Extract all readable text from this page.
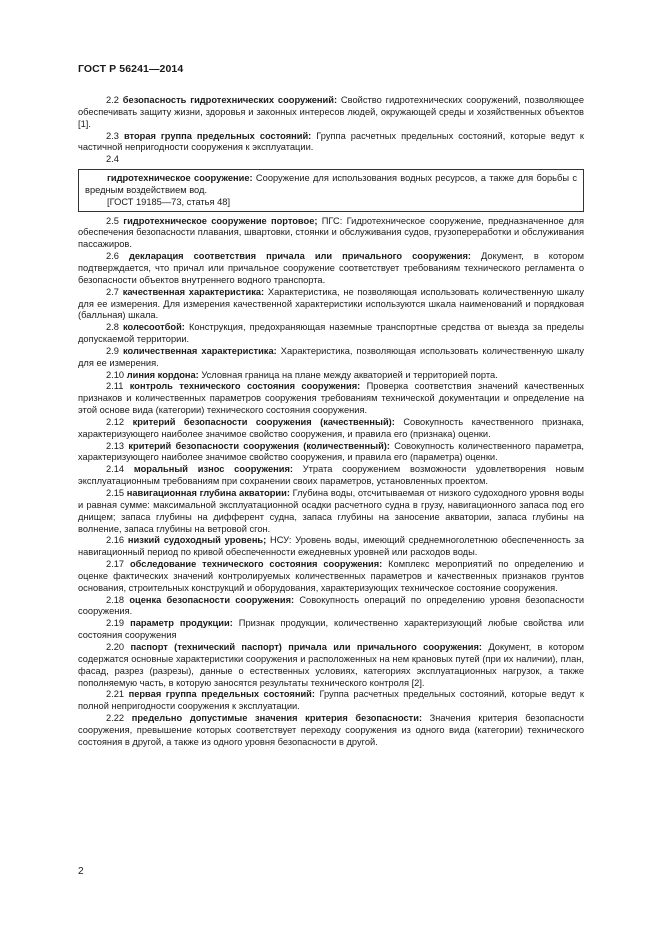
ГОСТ Р 56241—2014

2.2 безопасность гидротехнических сооружений: Свойство гидротехнических сооружений, позволяющее обеспечивать защиту жизни, здоровья и законных интересов людей, окружающей среды и хозяйственных объектов [1].

2.3 вторая группа предельных состояний: Группа расчетных предельных состояний, которые ведут к частичной непригодности сооружения к эксплуатации.

2.4

гидротехническое сооружение: Сооружение для использования водных ресурсов, а также для борьбы с вредным воздействием вод.

[ГОСТ 19185—73, статья 48]

2.5 гидротехническое сооружение портовое; ПГС: Гидротехническое сооружение, предназначенное для обеспечения безопасности плавания, швартовки, стоянки и обслуживания судов, грузопереработки и обслуживания пассажиров.

2.6 декларация соответствия причала или причального сооружения: Документ, в котором подтверждается, что причал или причальное сооружение соответствует требованиям технического регламента о безопасности объектов внутреннего водного транспорта.

2.7 качественная характеристика: Характеристика, не позволяющая использовать количественную шкалу для ее измерения. Для измерения качественной характеристики используются шкала наименований и порядковая (балльная) шкала.

2.8 колесоотбой: Конструкция, предохраняющая наземные транспортные средства от выезда за пределы допускаемой территории.

2.9 количественная характеристика: Характеристика, позволяющая использовать количественную шкалу для ее измерения.

2.10 линия кордона: Условная граница на плане между акваторией и территорией порта.

2.11 контроль технического состояния сооружения: Проверка соответствия значений качественных признаков и количественных параметров сооружения требованиям технической документации и определение на этой основе вида (категории) технического состояния сооружения.

2.12 критерий безопасности сооружения (качественный): Совокупность качественного признака, характеризующего наиболее значимое свойство сооружения, и правила его (признака) оценки.

2.13 критерий безопасности сооружения (количественный): Совокупность количественного параметра, характеризующего наиболее значимое свойство сооружения, и правила его (параметра) оценки.

2.14 моральный износ сооружения: Утрата сооружением возможности удовлетворения новым эксплуатационным требованиям при сохранении своих параметров, установленных проектом.

2.15 навигационная глубина акватории: Глубина воды, отсчитываемая от низкого судоходного уровня воды и равная сумме: максимальной эксплуатационной осадки расчетного судна в грузу, навигационного запаса под его днищем; запаса глубины на дифферент судна, запаса глубины на заносение акватории, запаса глубины на волнение, запаса глубины на ветровой сгон.

2.16 низкий судоходный уровень; НСУ: Уровень воды, имеющий среднемноголетнюю обеспеченность за навигационный период по кривой обеспеченности ежедневных уровней или расходов воды.

2.17 обследование технического состояния сооружения: Комплекс мероприятий по определению и оценке фактических значений контролируемых количественных параметров и качественных признаков грунтов основания, строительных конструкций и оборудования, характеризующих техническое состояние сооружения.

2.18 оценка безопасности сооружения: Совокупность операций по определению уровня безопасности сооружения.

2.19 параметр продукции: Признак продукции, количественно характеризующий любые свойства или состояния сооружения

2.20 паспорт (технический паспорт) причала или причального сооружения: Документ, в котором содержатся основные характеристики сооружения и расположенных на нем крановых путей (при их наличии), план, фасад, разрез (разрезы), данные о естественных условиях, категориях эксплуатационных нагрузок, а также пополняемую часть, в которую заносятся результаты технического контроля [2].

2.21 первая группа предельных состояний: Группа расчетных предельных состояний, которые ведут к полной непригодности сооружения к эксплуатации.

2.22 предельно допустимые значения критерия безопасности: Значения критерия безопасности сооружения, превышение которых соответствует переходу сооружения из одного вида (категории) технического состояния в другой, а также из одного уровня безопасности в другой.

2
